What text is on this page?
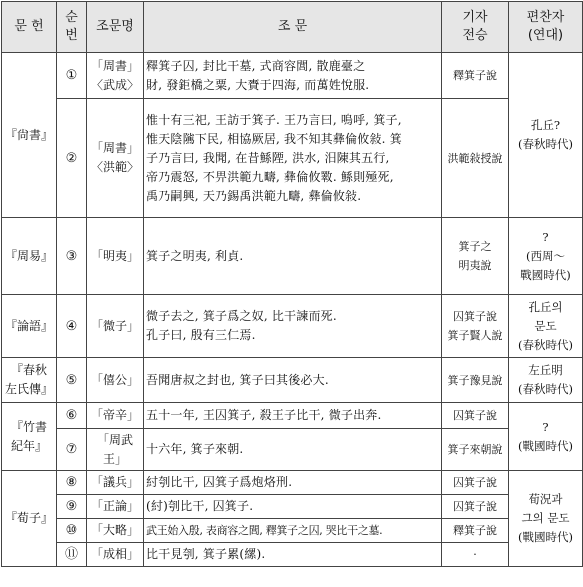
문 헌	순
번	조문명	조 문	기자
전승	편찬자
(연대)
『尙書』	①	「周書」
〈武成〉	釋箕子囚, 封比干墓, 式商容閭, 散鹿臺之
財, 發鉅橋之粟, 大賚于四海, 而萬姓悅服.	釋箕子說	孔丘?
(春秋時代)
	②	「周書」
〈洪範〉	惟十有三祀, 王訪于箕子. 王乃言曰, 嗚呼, 箕子,
惟天陰隲下民, 相協厥居, 我不知其彝倫攸敍. 箕
子乃言曰, 我聞, 在昔鯀陻, 洪水, 汨陳其五行,
帝乃震怒, 不畀洪範九疇, 彝倫攸斁. 鯀則殛死,
禹乃嗣興, 天乃錫禹洪範九疇, 彝倫攸敍.	洪範敍授說	
『周易』	③	「明夷」	箕子之明夷, 利貞.	箕子之
明夷說	?
(西周～
戰國時代)
『論語』	④	「微子」	微子去之, 箕子爲之奴, 比干諫而死.
孔子曰, 殷有三仁焉.	囚箕子說
箕子賢人說	孔丘의
문도
(春秋時代)
『春秋
左氏傳』	⑤	「僖公」	吾聞唐叔之封也, 箕子曰其後必大.	箕子豫見說	左丘明
(春秋時代)
『竹書
紀年』	⑥	「帝辛」	五十一年, 王囚箕子, 殺王子比干, 微子出奔.	囚箕子說	?
(戰國時代)
	⑦	「周武
王」	十六年, 箕子來朝.	箕子來朝說	
『荀子』	⑧	「議兵」	紂刳比干, 囚箕子爲炮烙刑.	囚箕子說	荀況과
그의 문도
(戰國時代)
	⑨	「正論」	(紂)刳比干, 囚箕子.	囚箕子說	
	⑩	「大略」	武王始入殷, 表商容之閭, 釋箕子之囚, 哭比干之墓.	釋箕子說	
	⑪	「成相」	比干見刳, 箕子累(縲).	·	
